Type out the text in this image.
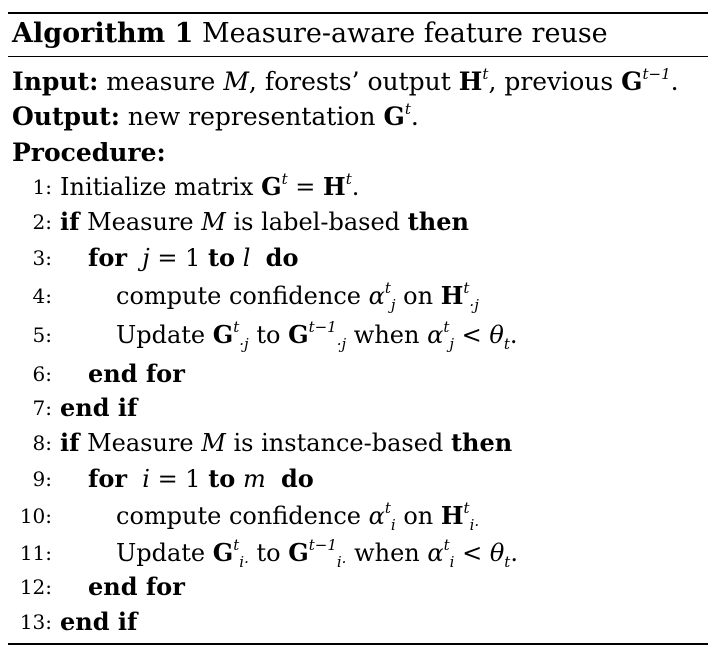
Algorithm 1 Measure-aware feature reuse
Input: measure M, forests’ output $H^t$, previous $G^{t-1}$.
Output: new representation $G^t$.
Procedure:
1: Initialize matrix $G^t = H^t$.
2: if Measure M is label-based then
3: for j = 1 to l do
4:	compute confidence $\alpha^t_j$ on $H^t_{\cdot j}$
5:	Update $G^t_{\cdot j}$ to $G^{t-1}_{\cdot j}$ when $\alpha^t_j < \theta_t$.
6: end for
7: end if
8: if Measure M is instance-based then
9: for i = 1 to m do
10:	compute confidence $\alpha^t_i$ on $H^t_{i\cdot}$
11:	Update $G^t_{i\cdot}$ to $G^{t-1}_{i\cdot}$ when $\alpha^t_i < \theta_t$.
12: end for
13: end if
